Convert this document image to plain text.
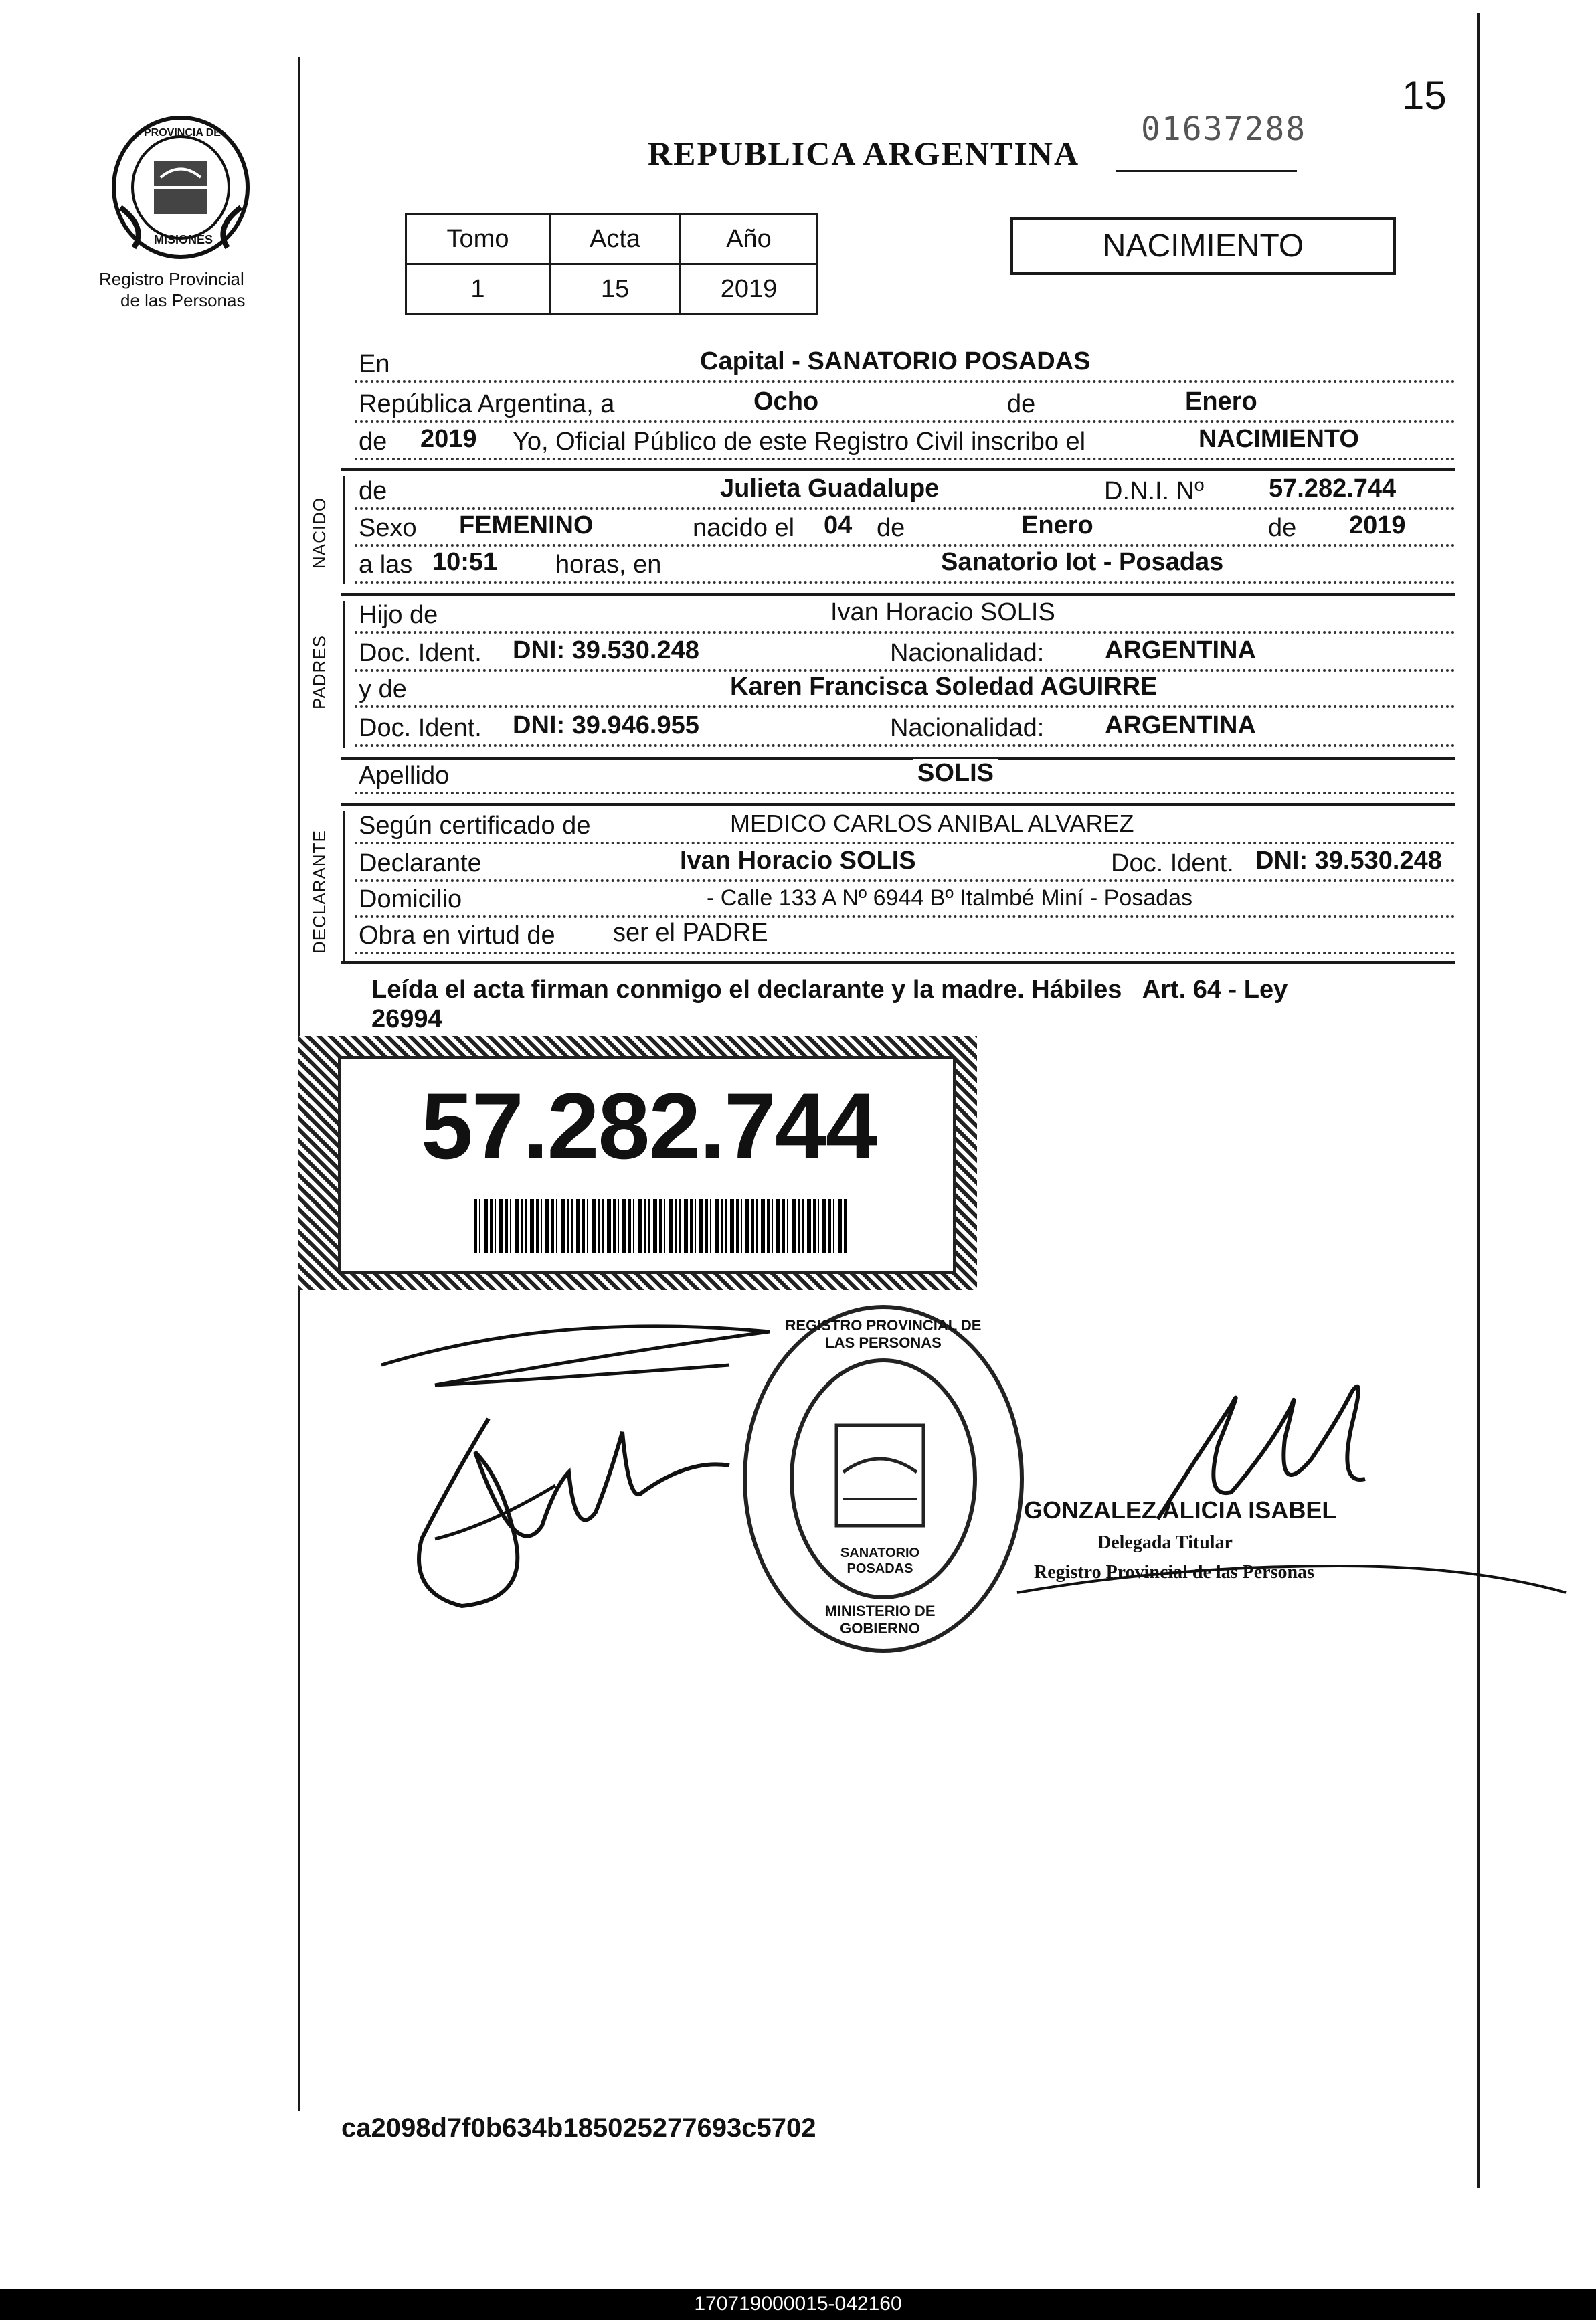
PROVINCIA DE
MISIONES
Registro Provincial
de las Personas
REPUBLICA ARGENTINA
01637288
15
Tomo	Acta	Año
1	15	2019
NACIMIENTO
En	Capital - SANATORIO POSADAS
República Argentina, a	Ocho	de	Enero
de 2019 Yo, Oficial Público de este Registro Civil inscribo el	NACIMIENTO
NACIDO
de	Julieta Guadalupe	D.N.I. Nº	57.282.744
Sexo FEMENINO	nacido el 04 de	Enero	de 2019
a las 10:51 horas, en	Sanatorio Iot - Posadas
PADRES
Hijo de	Ivan Horacio SOLIS
Doc. Ident. DNI: 39.530.248	Nacionalidad: ARGENTINA
y de	Karen Francisca Soledad AGUIRRE
Doc. Ident. DNI: 39.946.955	Nacionalidad: ARGENTINA
Apellido	SOLIS
DECLARANTE
Según certificado de	MEDICO CARLOS ANIBAL ALVAREZ
Declarante	Ivan Horacio SOLIS	Doc. Ident. DNI: 39.530.248
Domicilio	- Calle 133 A Nº 6944 Bº Italmbé Miní - Posadas
Obra en virtud de ser el PADRE
Leída el acta firman conmigo el declarante y la madre. Hábiles   Art. 64 - Ley
26994
57.282.744
REGISTRO PROVINCIAL DE LAS PERSONAS
SANATORIO POSADAS
MINISTERIO DE GOBIERNO
GONZALEZ ALICIA ISABEL
Delegada Titular
Registro Provincial de las Personas
ca2098d7f0b634b185025277693c5702
170719000015-042160
